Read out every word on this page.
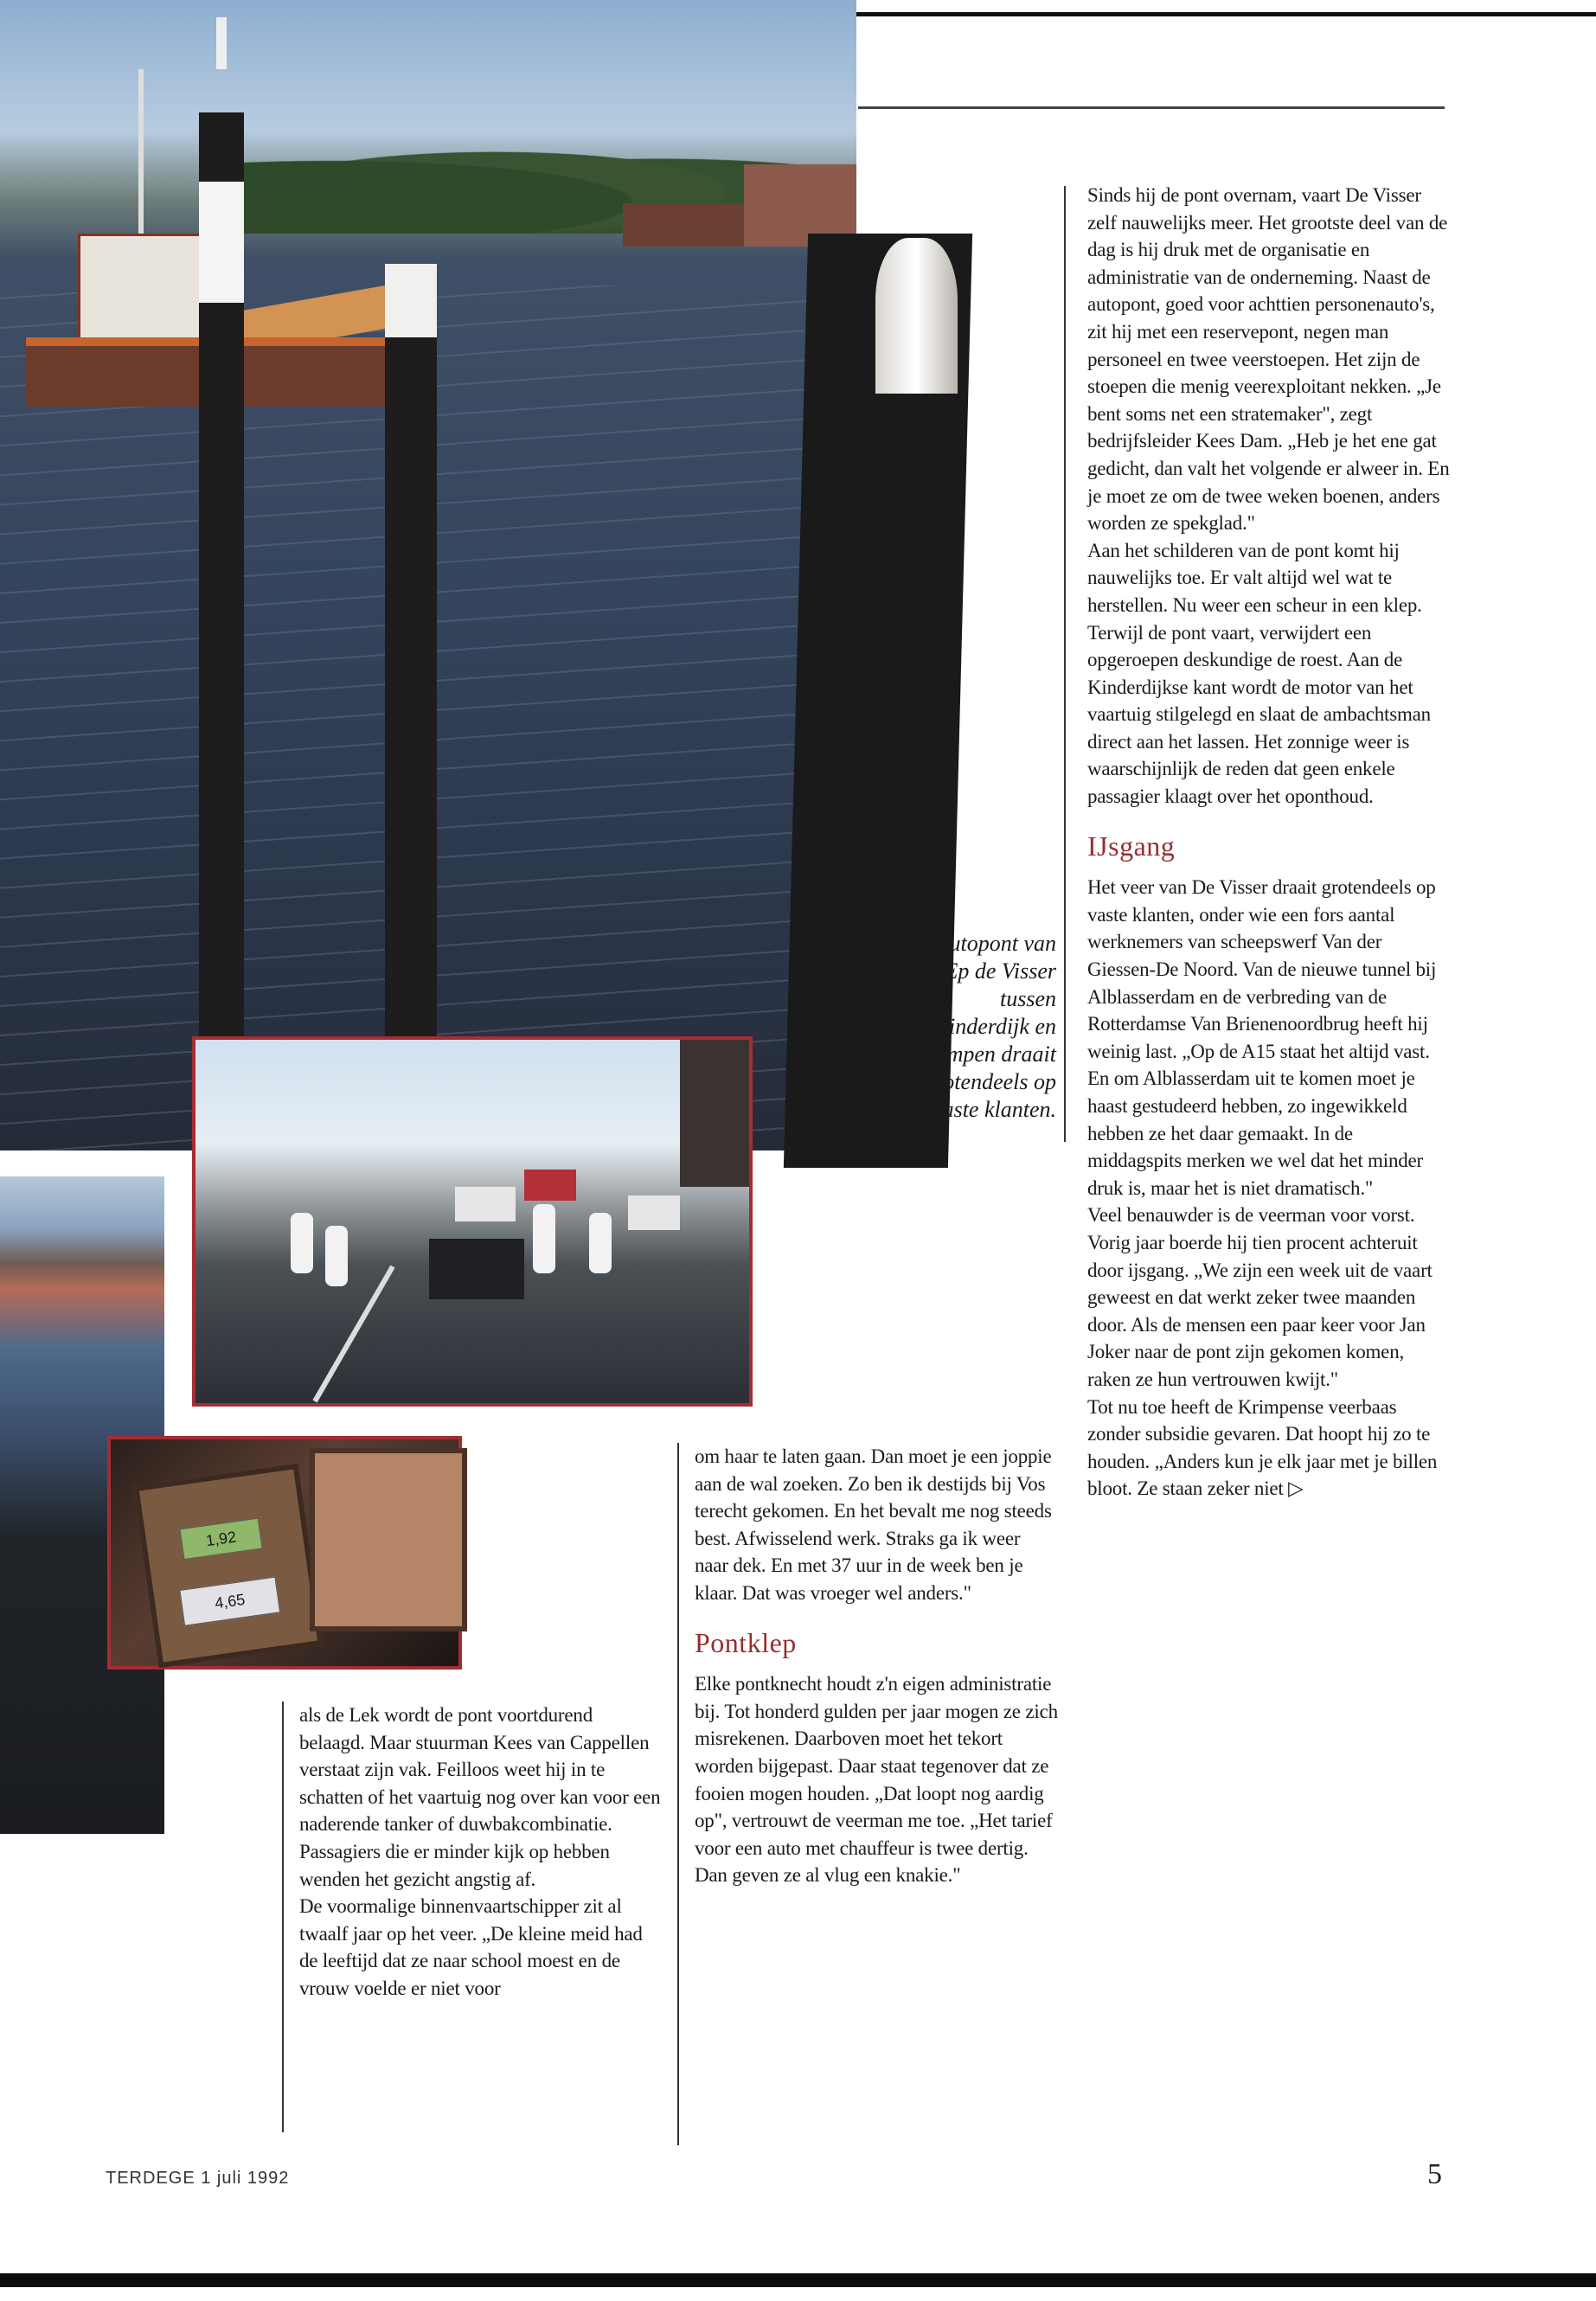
1,92
4,65
De autopont van Ep de Visser tussen Kinderdijk en Krimpen draait grotendeels op vaste klanten.

Sinds hij de pont overnam, vaart De Visser zelf nauwelijks meer. Het grootste deel van de dag is hij druk met de organisatie en administratie van de onderneming. Naast de autopont, goed voor achttien personenauto's, zit hij met een reservepont, negen man personeel en twee veerstoepen. Het zijn de stoepen die menig veerexploitant nekken. „Je bent soms net een stratemaker", zegt bedrijfsleider Kees Dam. „Heb je het ene gat gedicht, dan valt het volgende er alweer in. En je moet ze om de twee weken boenen, anders worden ze spekglad."

Aan het schilderen van de pont komt hij nauwelijks toe. Er valt altijd wel wat te herstellen. Nu weer een scheur in een klep. Terwijl de pont vaart, verwijdert een opgeroepen deskundige de roest. Aan de Kinderdijkse kant wordt de motor van het vaartuig stilgelegd en slaat de ambachtsman direct aan het lassen. Het zonnige weer is waarschijnlijk de reden dat geen enkele passagier klaagt over het oponthoud.

IJsgang

Het veer van De Visser draait grotendeels op vaste klanten, onder wie een fors aantal werknemers van scheepswerf Van der Giessen-De Noord. Van de nieuwe tunnel bij Alblasserdam en de verbreding van de Rotterdamse Van Brienenoordbrug heeft hij weinig last. „Op de A15 staat het altijd vast. En om Alblasserdam uit te komen moet je haast gestudeerd hebben, zo ingewikkeld hebben ze het daar gemaakt. In de middagspits merken we wel dat het minder druk is, maar het is niet dramatisch."

Veel benauwder is de veerman voor vorst. Vorig jaar boerde hij tien procent achteruit door ijsgang. „We zijn een week uit de vaart geweest en dat werkt zeker twee maanden door. Als de mensen een paar keer voor Jan Joker naar de pont zijn gekomen komen, raken ze hun vertrouwen kwijt."

Tot nu toe heeft de Krimpense veerbaas zonder subsidie gevaren. Dat hoopt hij zo te houden. „Anders kun je elk jaar met je billen bloot. Ze staan zeker niet ▷

om haar te laten gaan. Dan moet je een joppie aan de wal zoeken. Zo ben ik destijds bij Vos terecht gekomen. En het bevalt me nog steeds best. Afwisselend werk. Straks ga ik weer naar dek. En met 37 uur in de week ben je klaar. Dat was vroeger wel anders."

Pontklep

Elke pontknecht houdt z'n eigen administratie bij. Tot honderd gulden per jaar mogen ze zich misrekenen. Daarboven moet het tekort worden bijgepast. Daar staat tegenover dat ze fooien mogen houden. „Dat loopt nog aardig op", vertrouwt de veerman me toe. „Het tarief voor een auto met chauffeur is twee dertig. Dan geven ze al vlug een knakie."

als de Lek wordt de pont voortdurend belaagd. Maar stuurman Kees van Cappellen verstaat zijn vak. Feilloos weet hij in te schatten of het vaartuig nog over kan voor een naderende tanker of duwbakcombinatie. Passagiers die er minder kijk op hebben wenden het gezicht angstig af.

De voormalige binnenvaartschipper zit al twaalf jaar op het veer. „De kleine meid had de leeftijd dat ze naar school moest en de vrouw voelde er niet voor

TERDEGE 1 juli 1992	5
